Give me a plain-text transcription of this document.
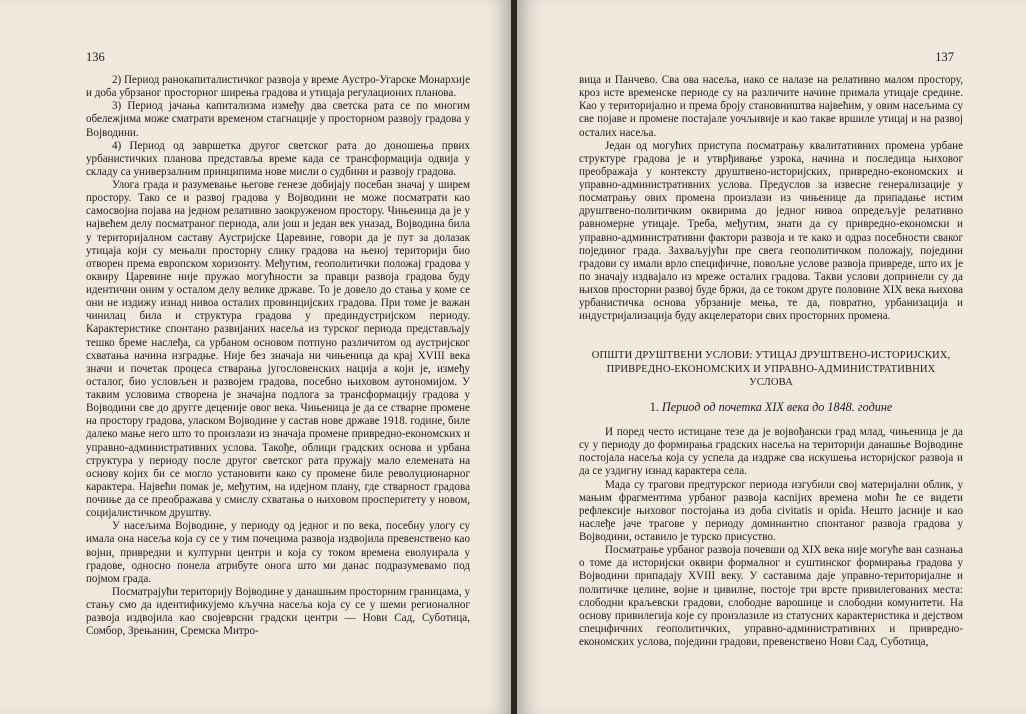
136

2) Период ранокапиталистичког развоја у време Аустро-Угарске Монархије и доба убрзаног просторног ширења градова и утицаја регулационих планова.

3) Период јачања капитализма између два светска рата се по многим обележјима може сматрати временом стагнације у просторном развоју градова у Војводини.

4) Период од завршетка другог светског рата до доношења првих урбанистичких планова представља време када се трансформација одвија у складу са универзалним принципима нове мисли о судбини и развоју градова.

Улога града и разумевање његове генезе добијају посебан значај у ширем простору. Тако се и развој градова у Војводини не може посматрати као самосвојна појава на једном релативно заокруженом простору. Чињеница да је у највећем делу посматраног периода, али још и један век уназад, Војводина била у територијалном саставу Аустријске Царевине, говори да је пут за долазак утицаја који су мењали просторну слику градова на њеној територији био отворен према европском хоризонту. Међутим, геополитички положај градова у оквиру Царевине није пружао могућности за правци развоја градова буду идентични оним у осталом делу велике државе. То је довело до стања у коме се они не издижу изнад нивоа осталих провинцијских градова. При томе је важан чинилац била и структура градова у прединдустријском периоду. Карактеристике спонтано развијаних насеља из турског периода представљају тешко бреме наслеђа, са урбаном основом потпуно различитом од аустријског схватања начина изградње. Није без значаја ни чињеница да крај XVIII века значи и почетак процеса стварања југословенских нација а који је, између осталог, био условљен и развојем градова, посебно њиховом аутономијом. У таквим условима створена је значајна подлога за трансформацију градова у Војводини све до другге деценије овог века. Чињеница је да се стварне промене на простору градова, уласком Војводине у састав нове државе 1918. године, биле далеко мање него што то произлази из значаја промене привредно-економских и управно-административних услова. Такође, облици градских основа и урбана структура у периоду после другог светског рата пружају мало елемената на основу којих би се могло установити како су промене биле револуционарног карактера. Највећи помак је, међутим, на идејном плану, где стварност градова почиње да се преображава у смислу схватања о њиховом просперитету у новом, социјалистичком друштву.

У насељима Војводине, у периоду од једног и по века, посебну улогу су имала она насеља која су се у тим почецима развоја издвојила превенствено као војни, привредни и културни центри и која су током времена еволуирала у градове, односно понела атрибуте онога што ми данас подразумевамо под појмом града.

Посматрајући територију Војводине у данашњим просторним границама, у стању смо да идентификујемо кључна насеља која су се у шеми регионалног развоја издвојила као својеврсни градски центри — Нови Сад, Суботица, Сомбор, Зрењанин, Сремска Митро-

137

вица и Панчево. Сва ова насеља, иако се налазе на релативно малом простору, кроз исте временске периоде су на различите начине примала утицаје средине. Као у територијално и према броју становништва највећим, у овим насељима су све појаве и промене постајале уочљивије и као такве вршиле утицај и на развој осталих насеља.

Један од могућих приступа посматрању квалитативних промена урбане структуре градова је и утврђивање узрока, начина и последица њиховог преображаја у контексту друштвено-историјских, привредно-економских и управно-административних услова. Предуслов за извесне генерализације у посматрању ових промена произлази из чињенице да припадање истим друштвено-политичким оквирима до једног нивоа опредељује релативно равномерне утицаје. Треба, међутим, знати да су привредно-економски и управно-административни фактори развоја и те како и одраз посебности сваког појединог града. Захваљујући пре свега геополитичком положају, поједини градови су имали врло специфичне, повољне услове развоја привреде, што их је по значају издвајало из мреже осталих градова. Такви услови допринели су да њихов просторни развој буде бржи, да се током друге половине XIX века њихова урбанистичка основа убрзаније мења, те да, повратно, урбанизација и индустријализација буду акцелератори свих просторних промена.

ОПШТИ ДРУШТВЕНИ УСЛОВИ: УТИЦАЈ ДРУШТВЕНО-ИСТОРИЈСКИХ,
ПРИВРЕДНО-ЕКОНОМСКИХ И УПРАВНО-АДМИНИСТРАТИВНИХ
УСЛОВА
1. Период од почетка XIX века до 1848. године

И поред често истицане тезе да је војвођански град млад, чињеница је да су у периоду до формирања градских насеља на територији данашње Војводине постојала насеља која су успела да издрже сва искушења историјског развоја и да се уздигну изнад карактера села.

Мада су трагови предтурског периода изгубили свој материјални облик, у мањим фрагментима урбаног развоја касnijих времена моћи ће се видети рефлексије њиховог постојања из доба civitatis и opida. Нешто јасније и као наслеђе јаче трагове у периоду доминантно спонтаног развоја градова у Војводини, оставило је турско присуство.

Посматрање урбаног развоја почевши од XIX века није могуће ван сазнања о томе да историјски оквири формалног и суштинског формирања градова у Војводини припадају XVIII веку. У саставима дaje управно-територијалне и политичке целине, војне и цивилне, постоје три врсте привилегованих места: слободни краљевски градови, слободне варошице и слободни комунитети. На основу привилегија које су произлазиле из статусних карактеристика и дејством специфичних геополитичких, управно-административних и привредно-економских услова, поједини градови, превенствено Нови Сад, Суботица,
